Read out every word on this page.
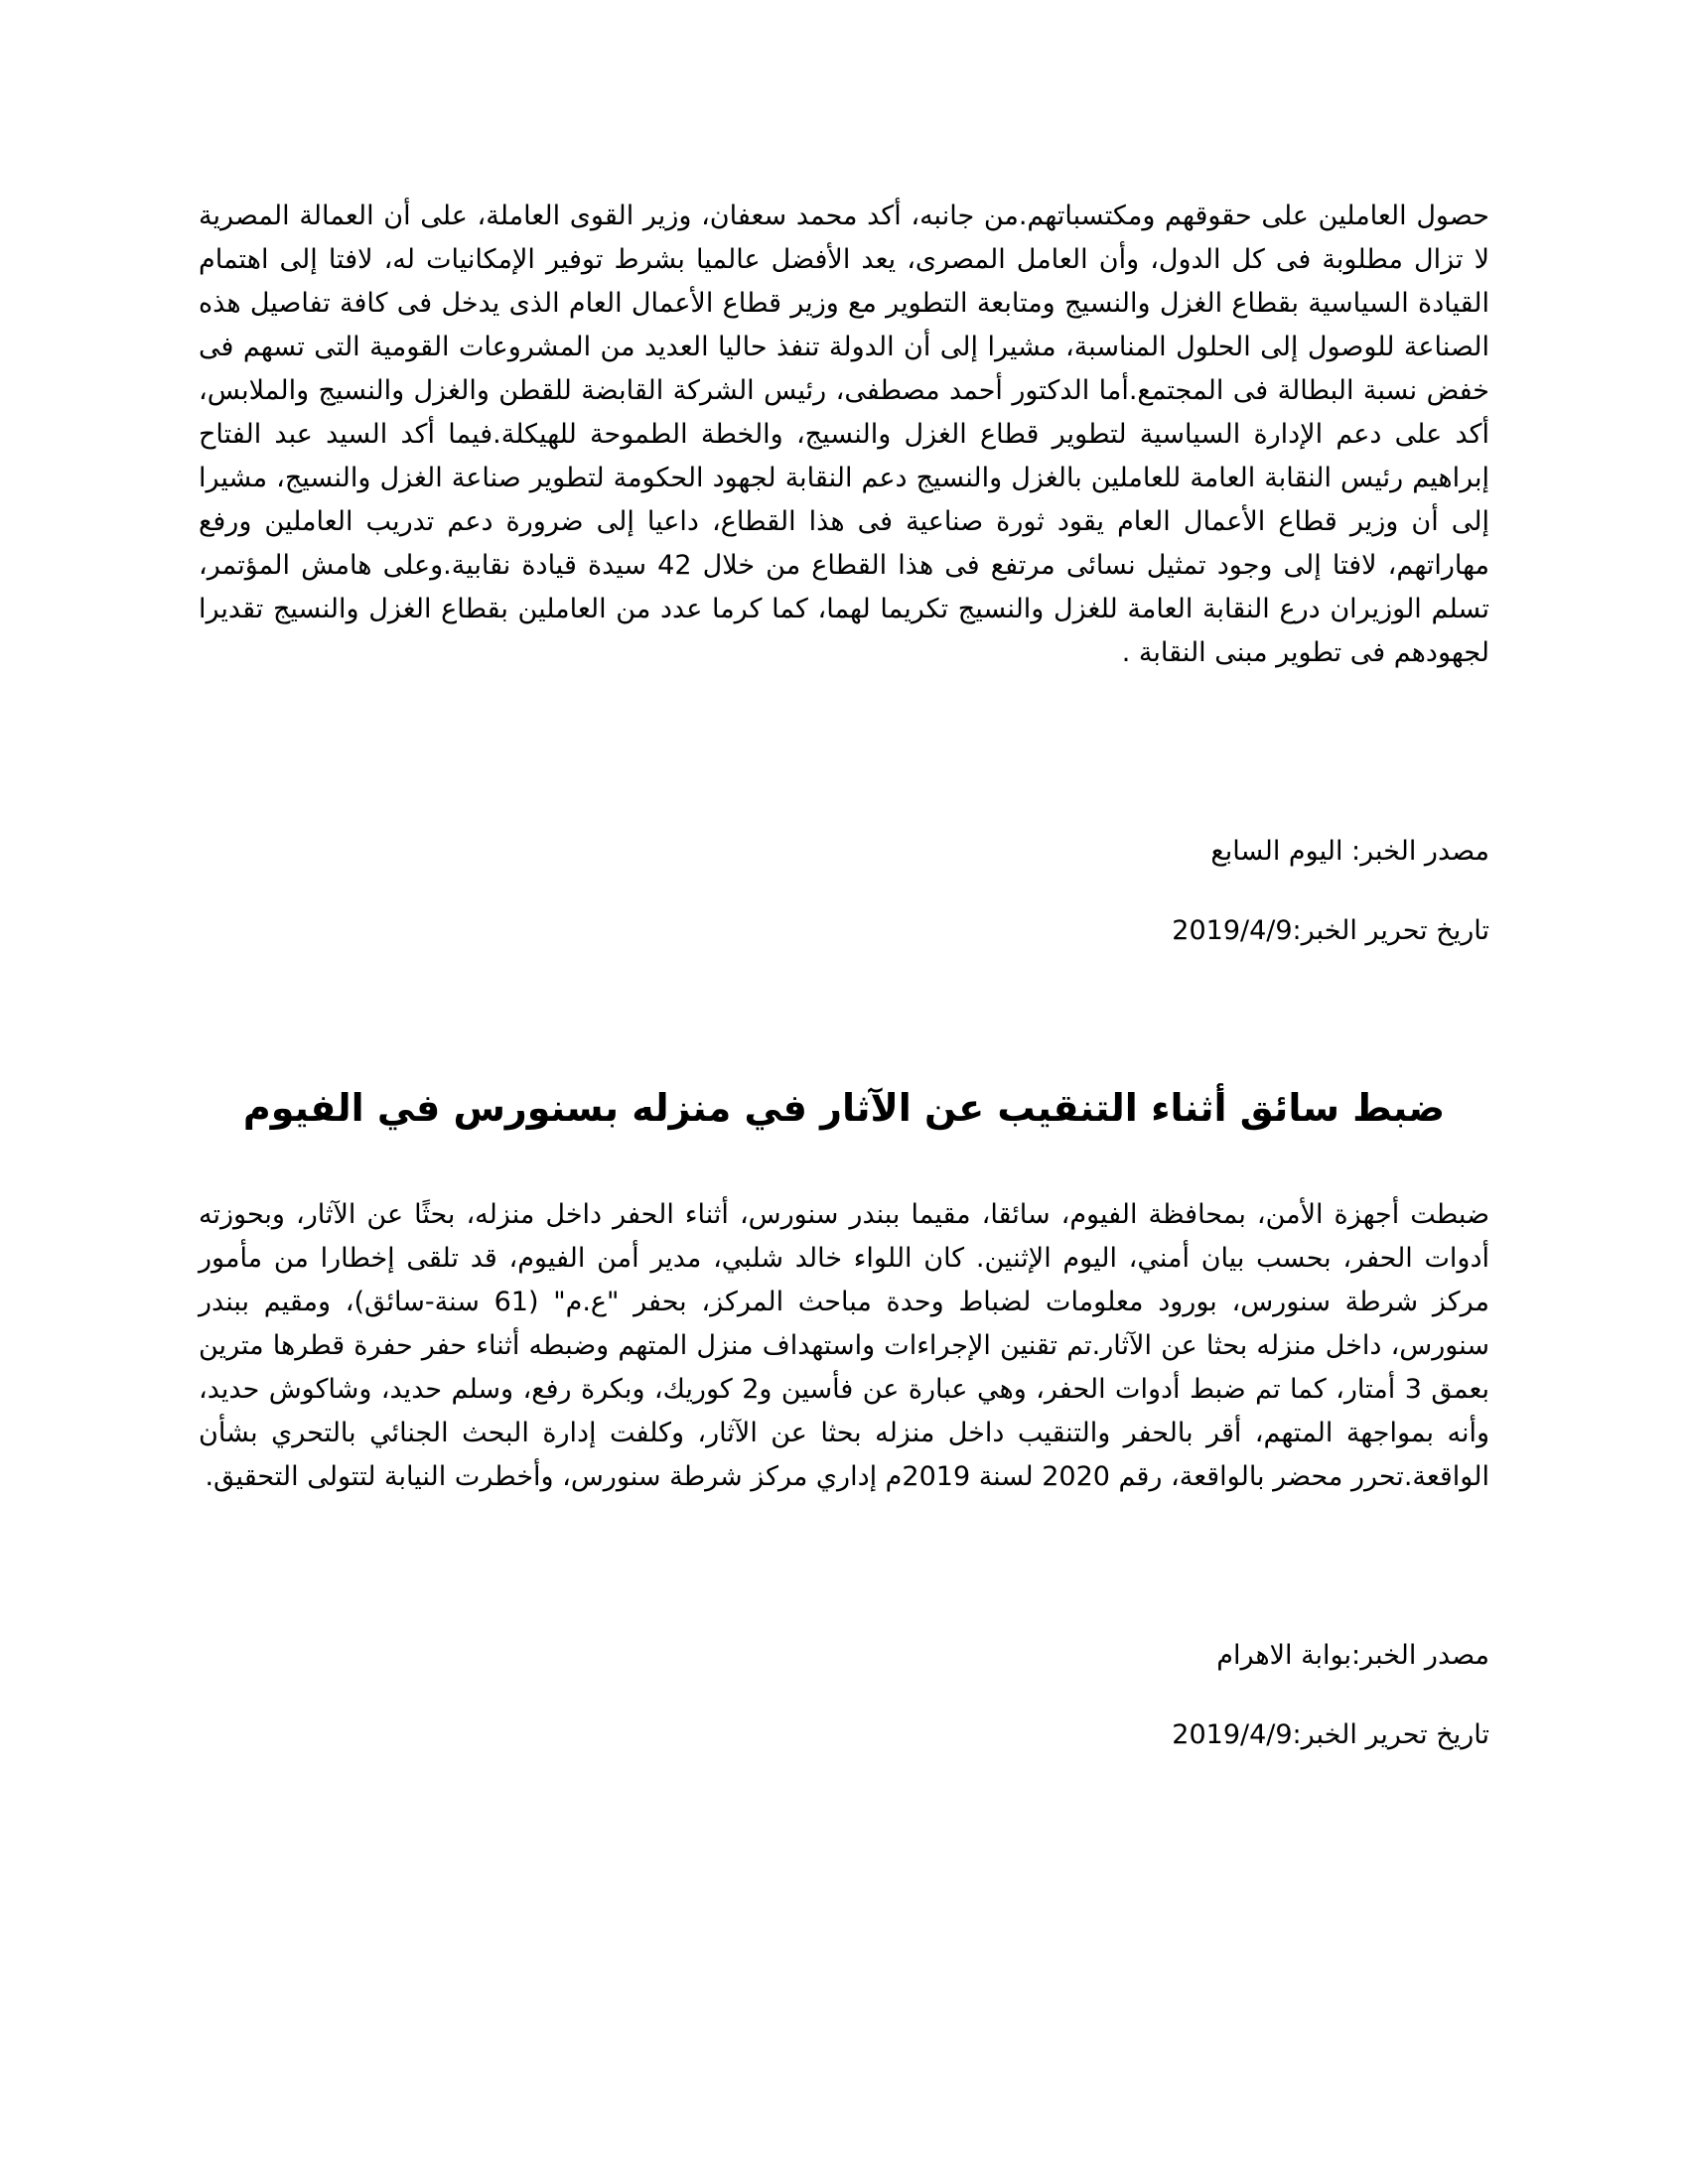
حصول العاملين على حقوقهم ومكتسباتهم.من جانبه، أكد محمد سعفان، وزير القوى العاملة، على أن العمالة المصرية لا تزال مطلوبة فى كل الدول، وأن العامل المصرى، يعد الأفضل عالميا بشرط توفير الإمكانيات له، لافتا إلى اهتمام القيادة السياسية بقطاع الغزل والنسيج ومتابعة التطوير مع وزير قطاع الأعمال العام الذى يدخل فى كافة تفاصيل هذه الصناعة للوصول إلى الحلول المناسبة، مشيرا إلى أن الدولة تنفذ حاليا العديد من المشروعات القومية التى تسهم فى خفض نسبة البطالة فى المجتمع.أما الدكتور أحمد مصطفى، رئيس الشركة القابضة للقطن والغزل والنسيج والملابس، أكد على دعم الإدارة السياسية لتطوير قطاع الغزل والنسيج، والخطة الطموحة للهيكلة.فيما أكد السيد عبد الفتاح إبراهيم رئيس النقابة العامة للعاملين بالغزل والنسيج دعم النقابة لجهود الحكومة لتطوير صناعة الغزل والنسيج، مشيرا إلى أن وزير قطاع الأعمال العام يقود ثورة صناعية فى هذا القطاع، داعيا إلى ضرورة دعم تدريب العاملين ورفع مهاراتهم، لافتا إلى وجود تمثيل نسائى مرتفع فى هذا القطاع من خلال 42 سيدة قيادة نقابية.وعلى هامش المؤتمر، تسلم الوزيران درع النقابة العامة للغزل والنسيج تكريما لهما، كما كرما عدد من العاملين بقطاع الغزل والنسيج تقديرا لجهودهم فى تطوير مبنى النقابة .

مصدر الخبر: اليوم السابع

تاريخ تحرير الخبر:2019/4/9

ضبط سائق أثناء التنقيب عن الآثار في منزله بسنورس في الفيوم

ضبطت أجهزة الأمن، بمحافظة الفيوم، سائقا، مقيما ببندر سنورس، أثناء الحفر داخل منزله، بحثًا عن الآثار، وبحوزته أدوات الحفر، بحسب بيان أمني، اليوم الإثنين. كان اللواء خالد شلبي، مدير أمن الفيوم، قد تلقى إخطارا من مأمور مركز شرطة سنورس، بورود معلومات لضباط وحدة مباحث المركز، بحفر "ع.م" (61 سنة-سائق)، ومقيم ببندر سنورس، داخل منزله بحثا عن الآثار.تم تقنين الإجراءات واستهداف منزل المتهم وضبطه أثناء حفر حفرة قطرها مترين بعمق 3 أمتار، كما تم ضبط أدوات الحفر، وهي عبارة عن فأسين و2 كوريك، وبكرة رفع، وسلم حديد، وشاكوش حديد، وأنه بمواجهة المتهم، أقر بالحفر والتنقيب داخل منزله بحثا عن الآثار، وكلفت إدارة البحث الجنائي بالتحري بشأن الواقعة.تحرر محضر بالواقعة، رقم 2020 لسنة 2019م إداري مركز شرطة سنورس، وأخطرت النيابة لتتولى التحقيق.

مصدر الخبر:بوابة الاهرام

تاريخ تحرير الخبر:2019/4/9
